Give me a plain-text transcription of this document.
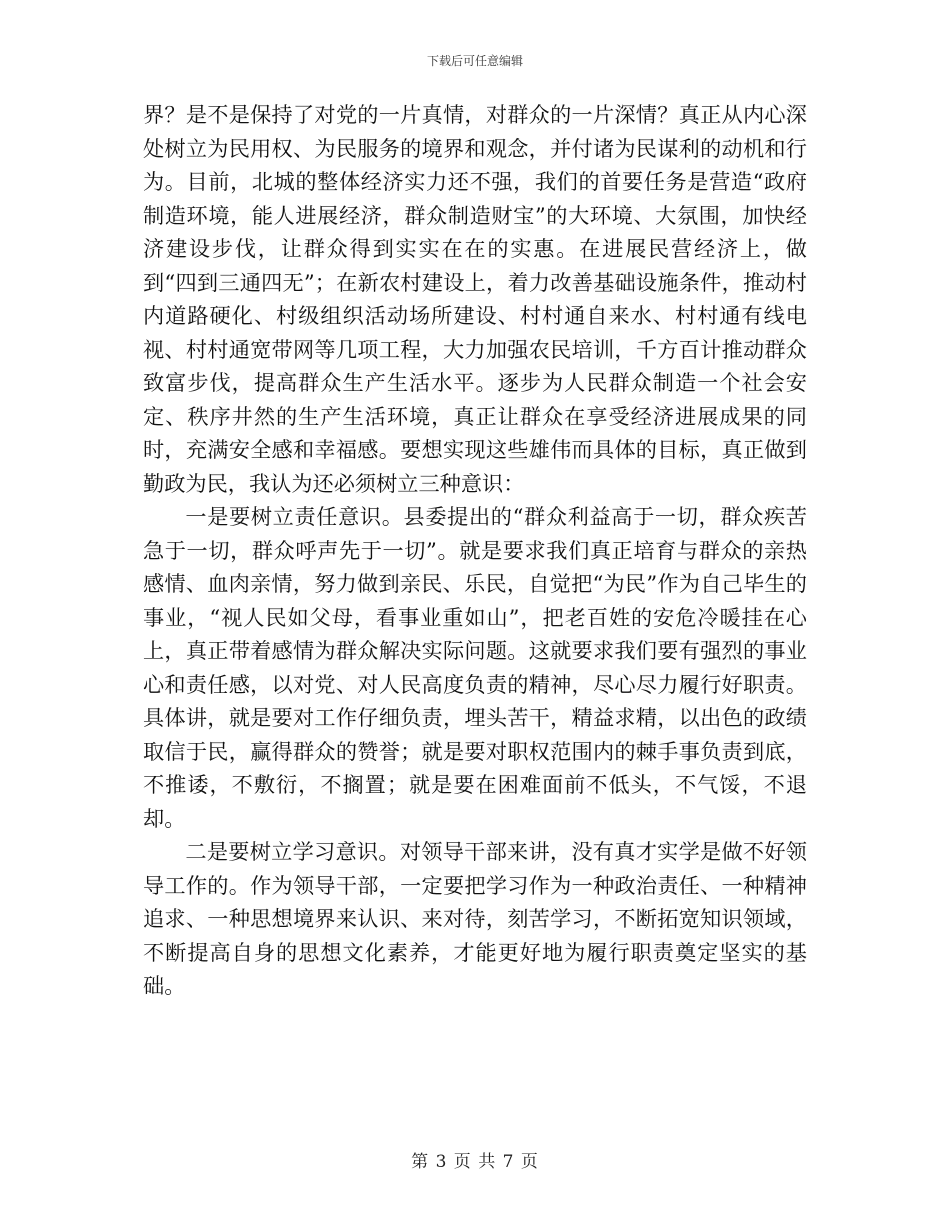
下载后可任意编辑

界？是不是保持了对党的一片真情，对群众的一片深情？真正从内心深处树立为民用权、为民服务的境界和观念，并付诸为民谋利的动机和行为。目前，北城的整体经济实力还不强，我们的首要任务是营造“政府制造环境，能人进展经济，群众制造财宝”的大环境、大氛围，加快经济建设步伐，让群众得到实实在在的实惠。在进展民营经济上，做到“四到三通四无”；在新农村建设上，着力改善基础设施条件，推动村内道路硬化、村级组织活动场所建设、村村通自来水、村村通有线电视、村村通宽带网等几项工程，大力加强农民培训，千方百计推动群众致富步伐，提高群众生产生活水平。逐步为人民群众制造一个社会安定、秩序井然的生产生活环境，真正让群众在享受经济进展成果的同时，充满安全感和幸福感。要想实现这些雄伟而具体的目标，真正做到勤政为民，我认为还必须树立三种意识：

一是要树立责任意识。县委提出的“群众利益高于一切，群众疾苦急于一切，群众呼声先于一切”。就是要求我们真正培育与群众的亲热感情、血肉亲情，努力做到亲民、乐民，自觉把“为民”作为自己毕生的事业，“视人民如父母，看事业重如山”，把老百姓的安危冷暖挂在心上，真正带着感情为群众解决实际问题。这就要求我们要有强烈的事业心和责任感，以对党、对人民高度负责的精神，尽心尽力履行好职责。具体讲，就是要对工作仔细负责，埋头苦干，精益求精，以出色的政绩取信于民，赢得群众的赞誉；就是要对职权范围内的棘手事负责到底，不推诿，不敷衍，不搁置；就是要在困难面前不低头，不气馁，不退却。

二是要树立学习意识。对领导干部来讲，没有真才实学是做不好领导工作的。作为领导干部，一定要把学习作为一种政治责任、一种精神追求、一种思想境界来认识、来对待，刻苦学习，不断拓宽知识领域，不断提高自身的思想文化素养，才能更好地为履行职责奠定坚实的基础。

第 3 页 共 7 页
